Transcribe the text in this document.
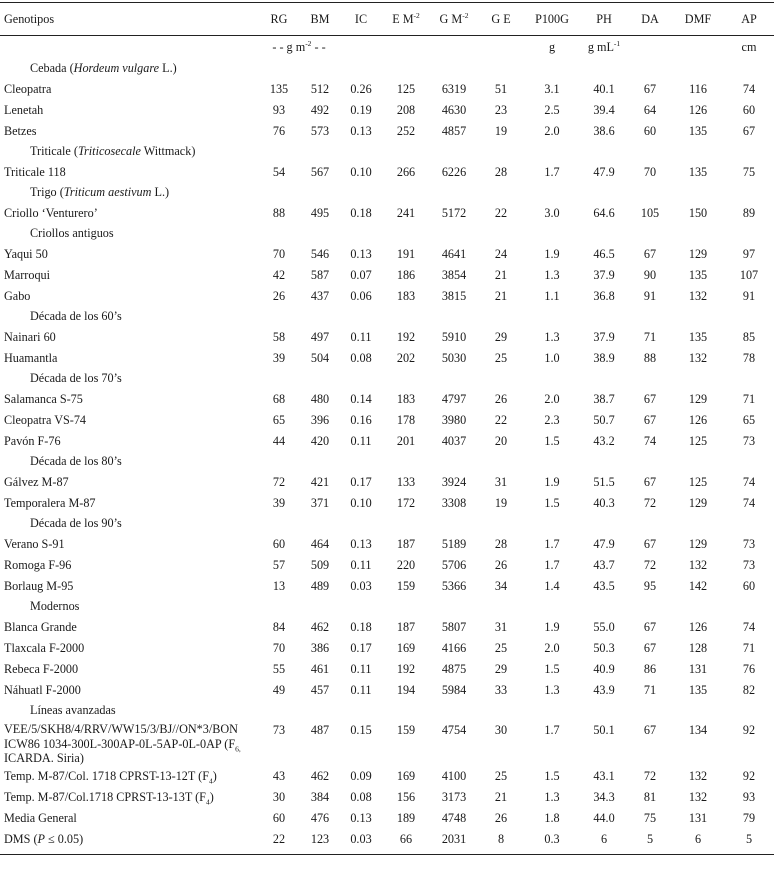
Genotipos	RG	BM	IC	E $M^{-2}$	G $M^{-2}$	G E	P100G	PH	DA	DMF	AP
	- - g $m^{-2}$ - -						g	g $mL^{-1}$			cm
Cebada (Hordeum vulgare L.)											
Cleopatra	135	512	0.26	125	6319	51	3.1	40.1	67	116	74
Lenetah	93	492	0.19	208	4630	23	2.5	39.4	64	126	60
Betzes	76	573	0.13	252	4857	19	2.0	38.6	60	135	67
Triticale (Triticosecale Wittmack)											
Triticale 118	54	567	0.10	266	6226	28	1.7	47.9	70	135	75
Trigo (Triticum aestivum L.)											
Criollo ‘Venturero’	88	495	0.18	241	5172	22	3.0	64.6	105	150	89
Criollos antiguos											
Yaqui 50	70	546	0.13	191	4641	24	1.9	46.5	67	129	97
Marroqui	42	587	0.07	186	3854	21	1.3	37.9	90	135	107
Gabo	26	437	0.06	183	3815	21	1.1	36.8	91	132	91
Década de los 60’s											
Nainari 60	58	497	0.11	192	5910	29	1.3	37.9	71	135	85
Huamantla	39	504	0.08	202	5030	25	1.0	38.9	88	132	78
Década de los 70’s											
Salamanca S-75	68	480	0.14	183	4797	26	2.0	38.7	67	129	71
Cleopatra VS-74	65	396	0.16	178	3980	22	2.3	50.7	67	126	65
Pavón F-76	44	420	0.11	201	4037	20	1.5	43.2	74	125	73
Década de los 80’s											
Gálvez M-87	72	421	0.17	133	3924	31	1.9	51.5	67	125	74
Temporalera M-87	39	371	0.10	172	3308	19	1.5	40.3	72	129	74
Década de los 90’s											
Verano S-91	60	464	0.13	187	5189	28	1.7	47.9	67	129	73
Romoga F-96	57	509	0.11	220	5706	26	1.7	43.7	72	132	73
Borlaug M-95	13	489	0.03	159	5366	34	1.4	43.5	95	142	60
Modernos											
Blanca Grande	84	462	0.18	187	5807	31	1.9	55.0	67	126	74
Tlaxcala F-2000	70	386	0.17	169	4166	25	2.0	50.3	67	128	71
Rebeca F-2000	55	461	0.11	192	4875	29	1.5	40.9	86	131	76
Náhuatl F-2000	49	457	0.11	194	5984	33	1.3	43.9	71	135	82
Líneas avanzadas											
VEE/5/SKH8/4/RRV/WW15/3/BJ//ON*3/BON ICW86 1034-300L-300AP-0L-5AP-0L-0AP ($F_{6,}$ ICARDA. Siria)	73	487	0.15	159	4754	30	1.7	50.1	67	134	92
Temp. M-87/Col. 1718 CPRST-13-12T $(F_4)$	43	462	0.09	169	4100	25	1.5	43.1	72	132	92
Temp. M-87/Col.1718 CPRST-13-13T $(F_4)$	30	384	0.08	156	3173	21	1.3	34.3	81	132	93
Media General	60	476	0.13	189	4748	26	1.8	44.0	75	131	79
DMS (P ≤ 0.05)	22	123	0.03	66	2031	8	0.3	6	5	6	5
